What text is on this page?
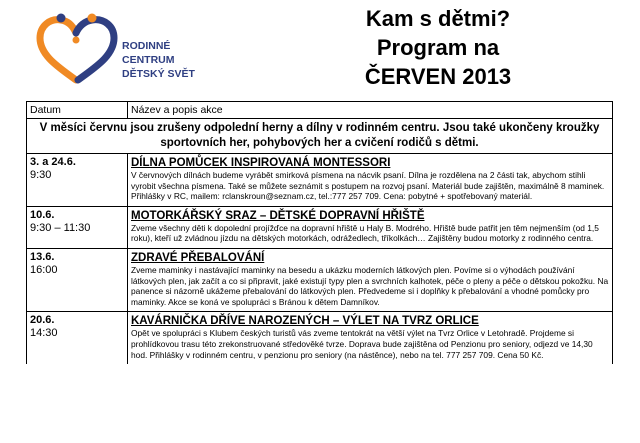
RODINNÉ CENTRUM
DĚTSKÝ SVĚT
Kam s dětmi?
Program na
ČERVEN 2013
Datum	Název a popis akce
V měsíci červnu jsou zrušeny odpolední herny a dílny v rodinném centru. Jsou také ukončeny kroužky sportovních her, pohybových her a cvičení rodičů s dětmi.
3. a 24.6.
9:30
DÍLNA POMŮCEK INSPIROVANÁ MONTESSORI
V červnových dílnách budeme vyrábět smirková písmena na nácvik psaní. Dílna je rozdělena na 2 části tak, abychom stihli vyrobit všechna písmena. Také se můžete seznámit s postupem na rozvoj psaní. Materiál bude zajištěn, maximálně 8 maminek. Přihlášky v RC, mailem: rclanskroun@seznam.cz, tel.:777 257 709. Cena: pobytné + spotřebovaný materiál.
10.6.
9:30 – 11:30
MOTORKÁŘSKÝ SRAZ – DĚTSKÉ DOPRAVNÍ HŘIŠTĚ
Zveme všechny děti k dopolední projížďce na dopravní hřiště u Haly B. Modrého. Hřiště bude patřit jen těm nejmenším (od 1,5 roku), kteří už zvládnou jízdu na dětských motorkách, odrážedlech, tříkolkách… Zajištěny budou motorky z rodinného centra.
13.6.
16:00
ZDRAVÉ PŘEBALOVÁNÍ
Zveme maminky i nastávající maminky na besedu a ukázku moderních látkových plen. Povíme si o výhodách používání látkových plen, jak začít a co si připravit, jaké existují typy plen a svrchních kalhotek, péče o pleny a péče o dětskou pokožku. Na panence si názorně ukážeme přebalování do látkových plen. Předvedeme si i doplňky k přebalování a vhodné pomůcky pro maminky. Akce se koná ve spolupráci s Bránou k dětem Damníkov.
20.6.
14:30
KAVÁRNIČKA DŘÍVE NAROZENÝCH – VÝLET NA TVRZ ORLICE
Opět ve spolupráci s Klubem českých turistů vás zveme tentokrát na větší výlet na Tvrz Orlice v Letohradě. Projdeme si prohlídkovou trasu této zrekonstruované středověké tvrze. Doprava bude zajištěna od Penzionu pro seniory, odjezd ve 14,30 hod. Přihlášky v rodinném centru, v penzionu pro seniory (na nástěnce), nebo na tel. 777 257 709. Cena 50 Kč.
